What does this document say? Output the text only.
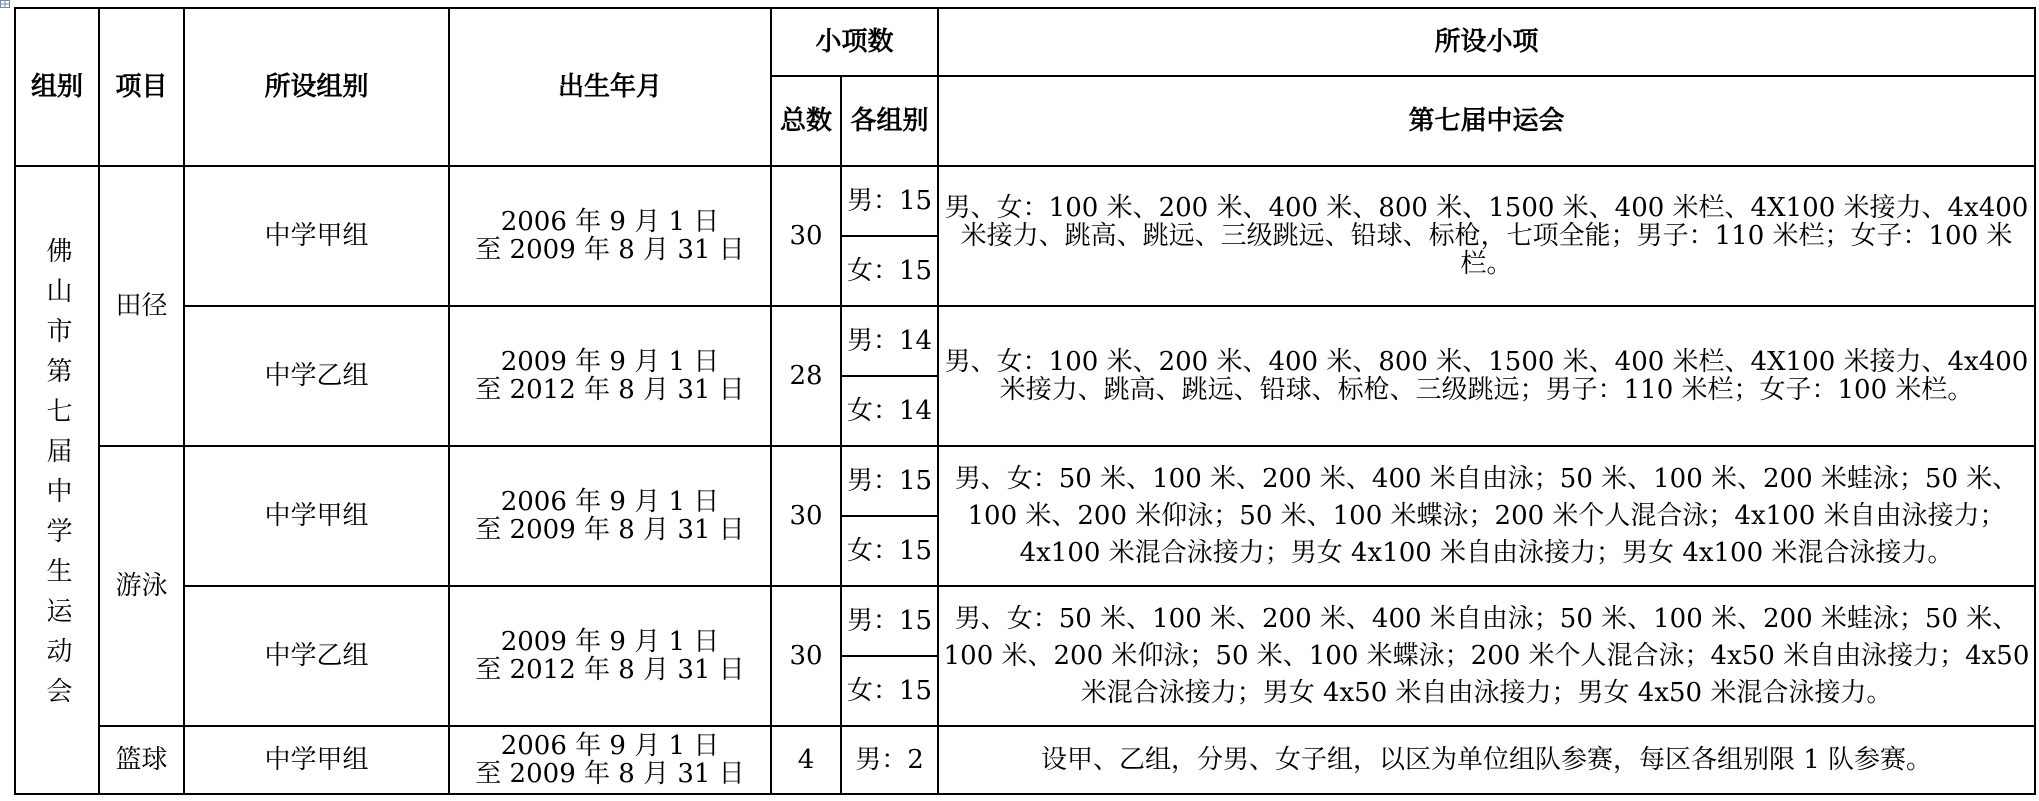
组别	项目	所设组别	出生年月	小项数		所设小项
				总数	各组别	第七届中运会
佛山市第七届中学生运动会	田径	中学甲组	2006 年 9 月 1 日
至 2009 年 8 月 31 日	30	男：15	男、女：100 米、200 米、400 米、800 米、1500 米、400 米栏、4X100 米接力、4x400 米接力、跳高、跳远、三级跳远、铅球、标枪，七项全能；男子：110 米栏；女子：100 米栏。
					女：15	
		中学乙组	2009 年 9 月 1 日
至 2012 年 8 月 31 日	28	男：14	男、女：100 米、200 米、400 米、800 米、1500 米、400 米栏、4X100 米接力、4x400 米接力、跳高、跳远、铅球、标枪、三级跳远；男子：110 米栏；女子：100 米栏。
					女：14	
	游泳	中学甲组	2006 年 9 月 1 日
至 2009 年 8 月 31 日	30	男：15	男、女：50 米、100 米、200 米、400 米自由泳；50 米、100 米、200 米蛙泳；50 米、100 米、200 米仰泳；50 米、100 米蝶泳；200 米个人混合泳；4x100 米自由泳接力；4x100 米混合泳接力；男女 4x100 米自由泳接力；男女 4x100 米混合泳接力。
					女：15	
		中学乙组	2009 年 9 月 1 日
至 2012 年 8 月 31 日	30	男：15	男、女：50 米、100 米、200 米、400 米自由泳；50 米、100 米、200 米蛙泳；50 米、100 米、200 米仰泳；50 米、100 米蝶泳；200 米个人混合泳；4x50 米自由泳接力；4x50 米混合泳接力；男女 4x50 米自由泳接力；男女 4x50 米混合泳接力。
					女：15	
	篮球	中学甲组	2006 年 9 月 1 日
至 2009 年 8 月 31 日	4	男：2	设甲、乙组，分男、女子组，以区为单位组队参赛，每区各组别限 1 队参赛。
